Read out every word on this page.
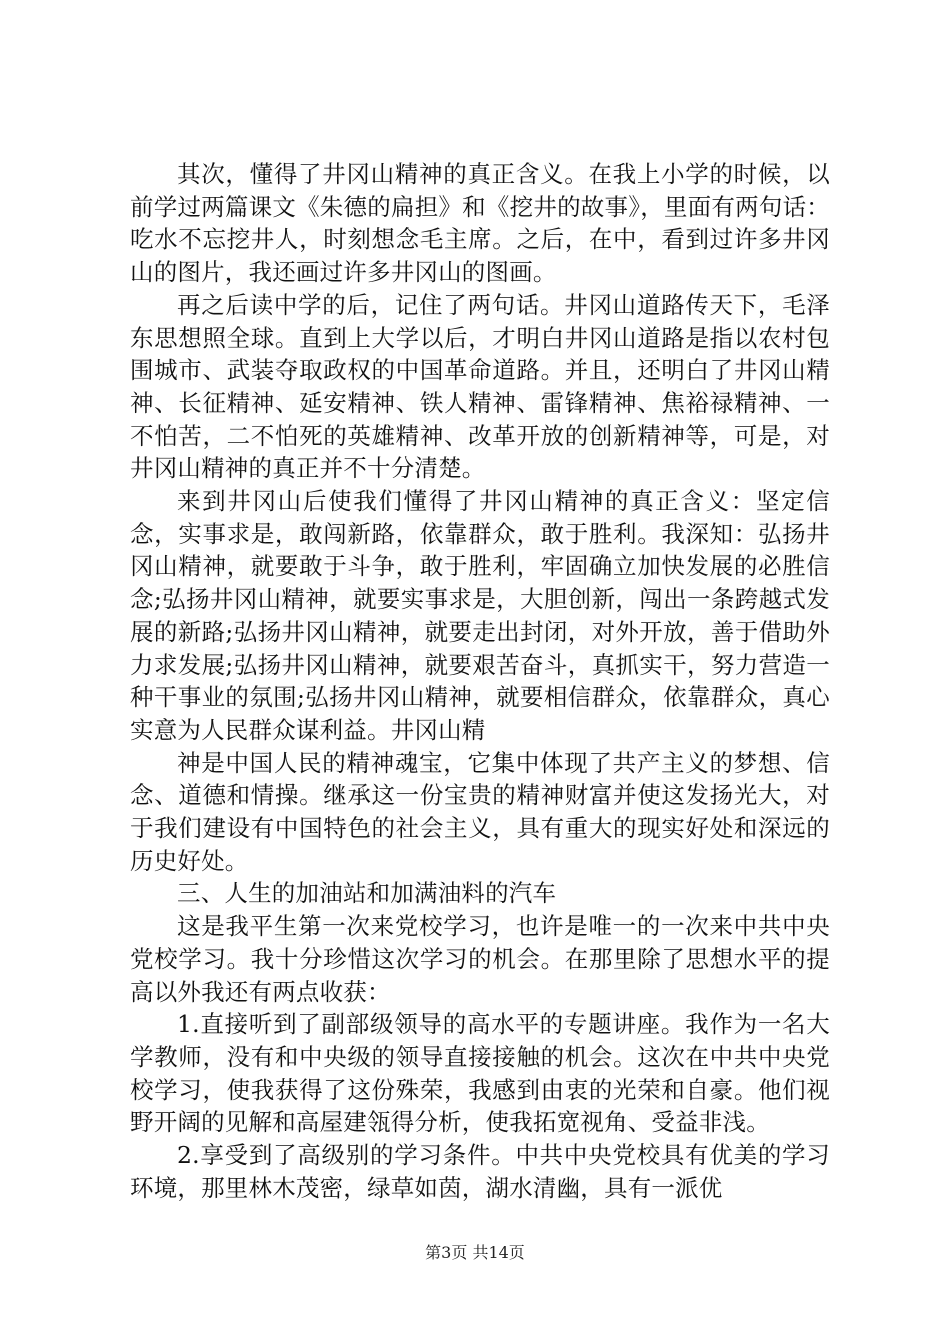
其次，懂得了井冈山精神的真正含义。在我上小学的时候，以前学过两篇课文《朱德的扁担》和《挖井的故事》，里面有两句话：吃水不忘挖井人，时刻想念毛主席。之后，在中，看到过许多井冈山的图片，我还画过许多井冈山的图画。

再之后读中学的后，记住了两句话。井冈山道路传天下，毛泽东思想照全球。直到上大学以后，才明白井冈山道路是指以农村包围城市、武装夺取政权的中国革命道路。并且，还明白了井冈山精神、长征精神、延安精神、铁人精神、雷锋精神、焦裕禄精神、一不怕苦，二不怕死的英雄精神、改革开放的创新精神等，可是，对井冈山精神的真正并不十分清楚。

来到井冈山后使我们懂得了井冈山精神的真正含义：坚定信念，实事求是，敢闯新路，依靠群众，敢于胜利。我深知：弘扬井冈山精神，就要敢于斗争，敢于胜利，牢固确立加快发展的必胜信念;弘扬井冈山精神，就要实事求是，大胆创新，闯出一条跨越式发展的新路;弘扬井冈山精神，就要走出封闭，对外开放，善于借助外力求发展;弘扬井冈山精神，就要艰苦奋斗，真抓实干，努力营造一种干事业的氛围;弘扬井冈山精神，就要相信群众，依靠群众，真心实意为人民群众谋利益。井冈山精

神是中国人民的精神魂宝，它集中体现了共产主义的梦想、信念、道德和情操。继承这一份宝贵的精神财富并使这发扬光大，对于我们建设有中国特色的社会主义，具有重大的现实好处和深远的历史好处。

三、人生的加油站和加满油料的汽车

这是我平生第一次来党校学习，也许是唯一的一次来中共中央党校学习。我十分珍惜这次学习的机会。在那里除了思想水平的提高以外我还有两点收获：

1.直接听到了副部级领导的高水平的专题讲座。我作为一名大学教师，没有和中央级的领导直接接触的机会。这次在中共中央党校学习，使我获得了这份殊荣，我感到由衷的光荣和自豪。他们视野开阔的见解和高屋建瓴得分析，使我拓宽视角、受益非浅。

2.享受到了高级别的学习条件。中共中央党校具有优美的学习环境，那里林木茂密，绿草如茵，湖水清幽，具有一派优

第3页 共14页
